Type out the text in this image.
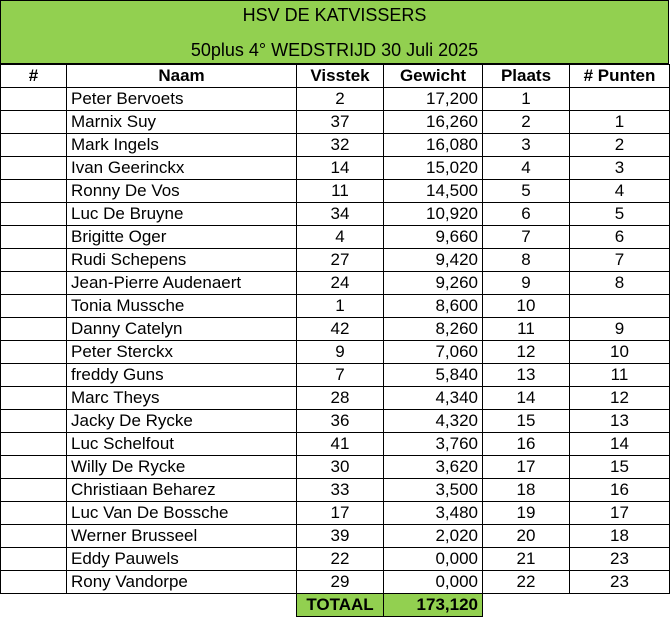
HSV DE KATVISSERS
50plus 4° WEDSTRIJD 30 Juli 2025
#	Naam	Visstek	Gewicht	Plaats	# Punten
	Peter Bervoets	2	17,200	1	
	Marnix Suy	37	16,260	2	1
	Mark Ingels	32	16,080	3	2
	Ivan Geerinckx	14	15,020	4	3
	Ronny De Vos	11	14,500	5	4
	Luc De Bruyne	34	10,920	6	5
	Brigitte Oger	4	9,660	7	6
	Rudi Schepens	27	9,420	8	7
	Jean-Pierre Audenaert	24	9,260	9	8
	Tonia Mussche	1	8,600	10	
	Danny Catelyn	42	8,260	11	9
	Peter Sterckx	9	7,060	12	10
	freddy Guns	7	5,840	13	11
	Marc Theys	28	4,340	14	12
	Jacky De Rycke	36	4,320	15	13
	Luc Schelfout	41	3,760	16	14
	Willy De Rycke	30	3,620	17	15
	Christiaan Beharez	33	3,500	18	16
	Luc Van De Bossche	17	3,480	19	17
	Werner Brusseel	39	2,020	20	18
	Eddy Pauwels	22	0,000	21	23
	Rony Vandorpe	29	0,000	22	23
		TOTAAL	173,120		
